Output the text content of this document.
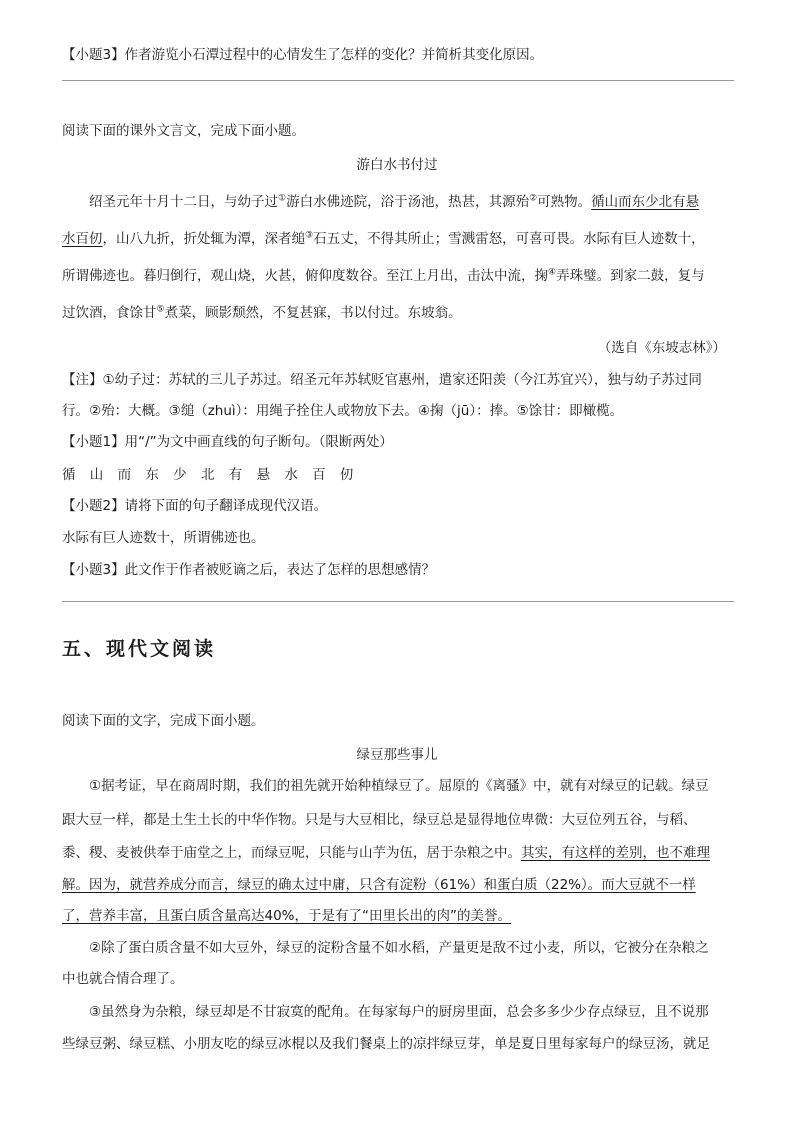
【小题3】作者游览小石潭过程中的心情发生了怎样的变化？并简析其变化原因。
阅读下面的课外文言文，完成下面小题。
游白水书付过
绍圣元年十月十二日，与幼子过①游白水佛迹院，浴于汤池，热甚，其源殆②可熟物。循山而东少北有悬
水百仞，山八九折，折处辄为潭，深者缒③石五丈，不得其所止；雪溅雷怒，可喜可畏。水际有巨人迹数十，
所谓佛迹也。暮归倒行，观山烧，火甚，俯仰度数谷。至江上月出，击汰中流，掬④弄珠璧。到家二鼓，复与
过饮酒，食馀甘⑤煮菜，顾影颓然，不复甚寐，书以付过。东坡翁。
（选自《东坡志林》）
【注】①幼子过：苏轼的三儿子苏过。绍圣元年苏轼贬官惠州，遣家还阳羡（今江苏宜兴），独与幼子苏过同
行。②殆：大概。③缒（zhuì）：用绳子拴住人或物放下去。④掬（jū）：捧。⑤馀甘：即橄榄。
【小题1】用“/”为文中画直线的句子断句。（限断两处）
循 山 而 东 少 北 有 悬 水 百 仞
【小题2】请将下面的句子翻译成现代汉语。
水际有巨人迹数十，所谓佛迹也。
【小题3】此文作于作者被贬谪之后，表达了怎样的思想感情？
五、现代文阅读
阅读下面的文字，完成下面小题。
绿豆那些事儿
①据考证，早在商周时期，我们的祖先就开始种植绿豆了。屈原的《离骚》中，就有对绿豆的记载。绿豆
跟大豆一样，都是土生土长的中华作物。只是与大豆相比，绿豆总是显得地位卑微：大豆位列五谷，与稻、
黍、稷、麦被供奉于庙堂之上，而绿豆呢，只能与山芋为伍，居于杂粮之中。其实，有这样的差别，也不难理
解。因为，就营养成分而言，绿豆的确太过中庸，只含有淀粉（61%）和蛋白质（22%）。而大豆就不一样
了，营养丰富，且蛋白质含量高达40%，于是有了“田里长出的肉”的美誉。
②除了蛋白质含量不如大豆外，绿豆的淀粉含量不如水稻，产量更是敌不过小麦，所以，它被分在杂粮之
中也就合情合理了。
③虽然身为杂粮，绿豆却是不甘寂寞的配角。在每家每户的厨房里面，总会多多少少存点绿豆，且不说那
些绿豆粥、绿豆糕、小朋友吃的绿豆冰棍以及我们餐桌上的凉拌绿豆芽，单是夏日里每家每户的绿豆汤，就足
